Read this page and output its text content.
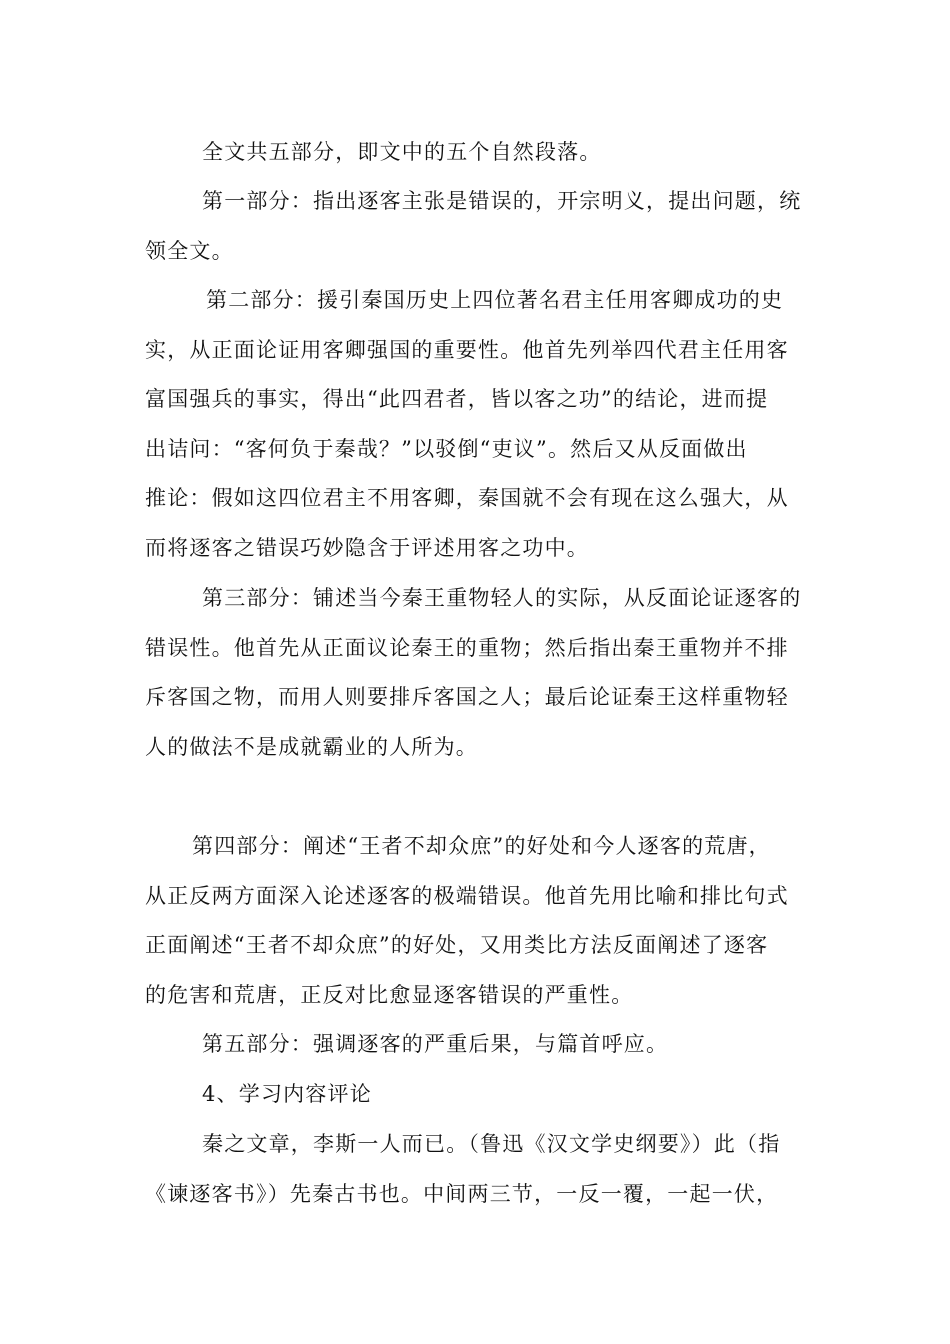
全文共五部分，即文中的五个自然段落。

第一部分：指出逐客主张是错误的，开宗明义，提出问题，统
领全文。

第二部分：援引秦国历史上四位著名君主任用客卿成功的史
实，从正面论证用客卿强国的重要性。他首先列举四代君主任用客
富国强兵的事实，得出“此四君者，皆以客之功”的结论，进而提
出诘问：“客何负于秦哉？”以驳倒“吏议”。然后又从反面做出
推论：假如这四位君主不用客卿，秦国就不会有现在这么强大，从
而将逐客之错误巧妙隐含于评述用客之功中。

第三部分：铺述当今秦王重物轻人的实际，从反面论证逐客的
错误性。他首先从正面议论秦王的重物；然后指出秦王重物并不排
斥客国之物，而用人则要排斥客国之人；最后论证秦王这样重物轻
人的做法不是成就霸业的人所为。

第四部分：阐述“王者不却众庶”的好处和今人逐客的荒唐，
从正反两方面深入论述逐客的极端错误。他首先用比喻和排比句式
正面阐述“王者不却众庶”的好处，又用类比方法反面阐述了逐客
的危害和荒唐，正反对比愈显逐客错误的严重性。

第五部分：强调逐客的严重后果，与篇首呼应。

4、学习内容评论

秦之文章，李斯一人而已。（鲁迅《汉文学史纲要》）此（指
《谏逐客书》）先秦古书也。中间两三节，一反一覆，一起一伏，
